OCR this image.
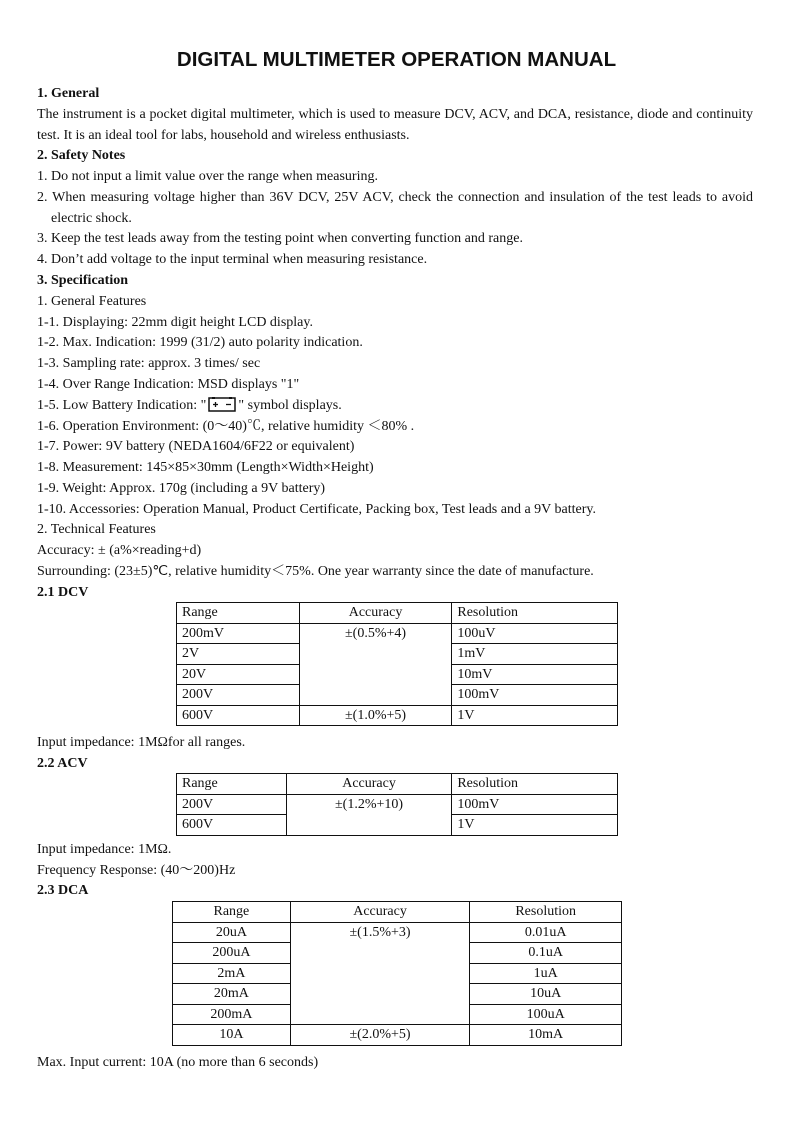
DIGITAL MULTIMETER OPERATION MANUAL
1. General
The instrument is a pocket digital multimeter, which is used to measure DCV, ACV, and DCA, resistance, diode and continuity
test. It is an ideal tool for labs, household and wireless enthusiasts.
2. Safety Notes
1. Do not input a limit value over the range when measuring.
2. When measuring voltage higher than 36V DCV, 25V ACV, check the connection and insulation of the test leads to avoid
electric shock.
3. Keep the test leads away from the testing point when converting function and range.
4. Don’t add voltage to the input terminal when measuring resistance.
3. Specification
1. General Features
1-1. Displaying: 22mm digit height LCD display.
1-2. Max. Indication: 1999 (31/2) auto polarity indication.
1-3. Sampling rate: approx. 3 times/ sec
1-4. Over Range Indication: MSD displays "1"
1-5. Low Battery Indication: " " symbol displays.
1-6. Operation Environment: (0～40)℃, relative humidity ＜80% .
1-7. Power: 9V battery (NEDA1604/6F22 or equivalent)
1-8. Measurement: 145×85×30mm (Length×Width×Height)
1-9. Weight: Approx. 170g (including a 9V battery)
1-10. Accessories: Operation Manual, Product Certificate, Packing box, Test leads and a 9V battery.
2. Technical Features
Accuracy: ± (a%×reading+d)
Surrounding: (23±5)℃, relative humidity＜75%. One year warranty since the date of manufacture.
2.1 DCV
Range	Accuracy	Resolution
200mV	±(0.5%+4)	100uV
2V		1mV
20V		10mV
200V		100mV
600V	±(1.0%+5)	1V
Input impedance: 1MΩfor all ranges.
2.2 ACV
Range	Accuracy	Resolution
200V	±(1.2%+10)	100mV
600V		1V
Input impedance: 1MΩ.
Frequency Response: (40～200)Hz
2.3 DCA
Range	Accuracy	Resolution
20uA	±(1.5%+3)	0.01uA
200uA		0.1uA
2mA		1uA
20mA		10uA
200mA		100uA
10A	±(2.0%+5)	10mA
Max. Input current: 10A (no more than 6 seconds)
